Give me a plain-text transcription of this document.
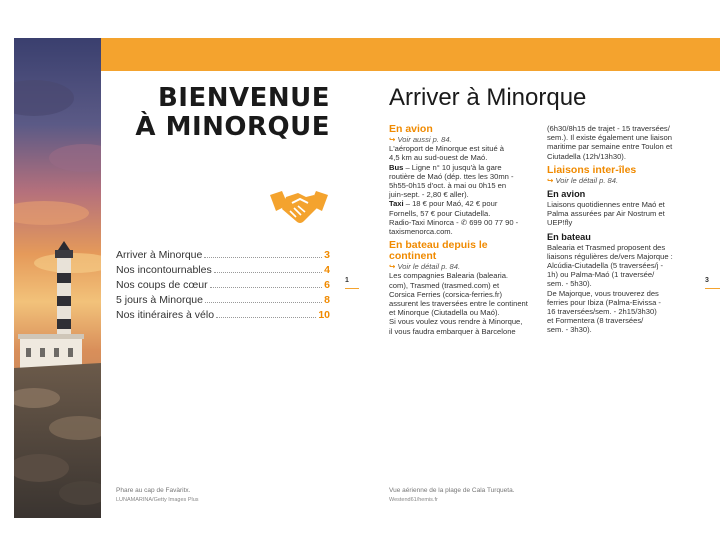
BIENVENUE
À MINORQUE
Arriver à Minorque	3
Nos incontournables	4
Nos coups de cœur	6
5 jours à Minorque	8
Nos itinéraires à vélo	10
1	3
Phare au cap de Favàritx.
LUNAMARINA/Getty Images Plus
Vue aérienne de la plage de Cala Turqueta.
Westend61/hemis.fr
Arriver à Minorque
En avion

↪ Voir aussi p. 84.

L'aéroport de Minorque est situé à

4,5 km au sud-ouest de Maó.

Bus – Ligne n° 10 jusqu'à la gare

routière de Maó (dép. ttes les 30mn -

5h55-0h15 d'oct. à mai ou 0h15 en

juin-sept. - 2,80 € aller).

Taxi – 18 € pour Maó, 42 € pour

Fornells, 57 € pour Ciutadella.

Radio-Taxi Minorca - ✆ 699 00 77 90 -

taxismenorca.com.

En bateau depuis le
continent

↪ Voir le détail p. 84.

Les compagnies Balearia (balearia.

com), Trasmed (trasmed.com) et

Corsica Ferries (corsica-ferries.fr)

assurent les traversées entre le continent

et Minorque (Ciutadella ou Maó).

Si vous voulez vous rendre à Minorque,

il vous faudra embarquer à Barcelone

(6h30/8h15 de trajet - 15 traversées/

sem.). Il existe également une liaison

maritime par semaine entre Toulon et

Ciutadella (12h/13h30).

Liaisons inter-îles

↪ Voir le détail p. 84.

En avion

Liaisons quotidiennes entre Maó et

Palma assurées par Air Nostrum et

UEP!fly

En bateau

Balearia et Trasmed proposent des

liaisons régulières de/vers Majorque :

Alcúdia-Ciutadella (5 traversées/j -

1h) ou Palma-Maó (1 traversée/

sem. - 5h30).

De Majorque, vous trouverez des

ferries pour Ibiza (Palma-Eivissa -

16 traversées/sem. - 2h15/3h30)

et Formentera (8 traversées/

sem. - 3h30).
